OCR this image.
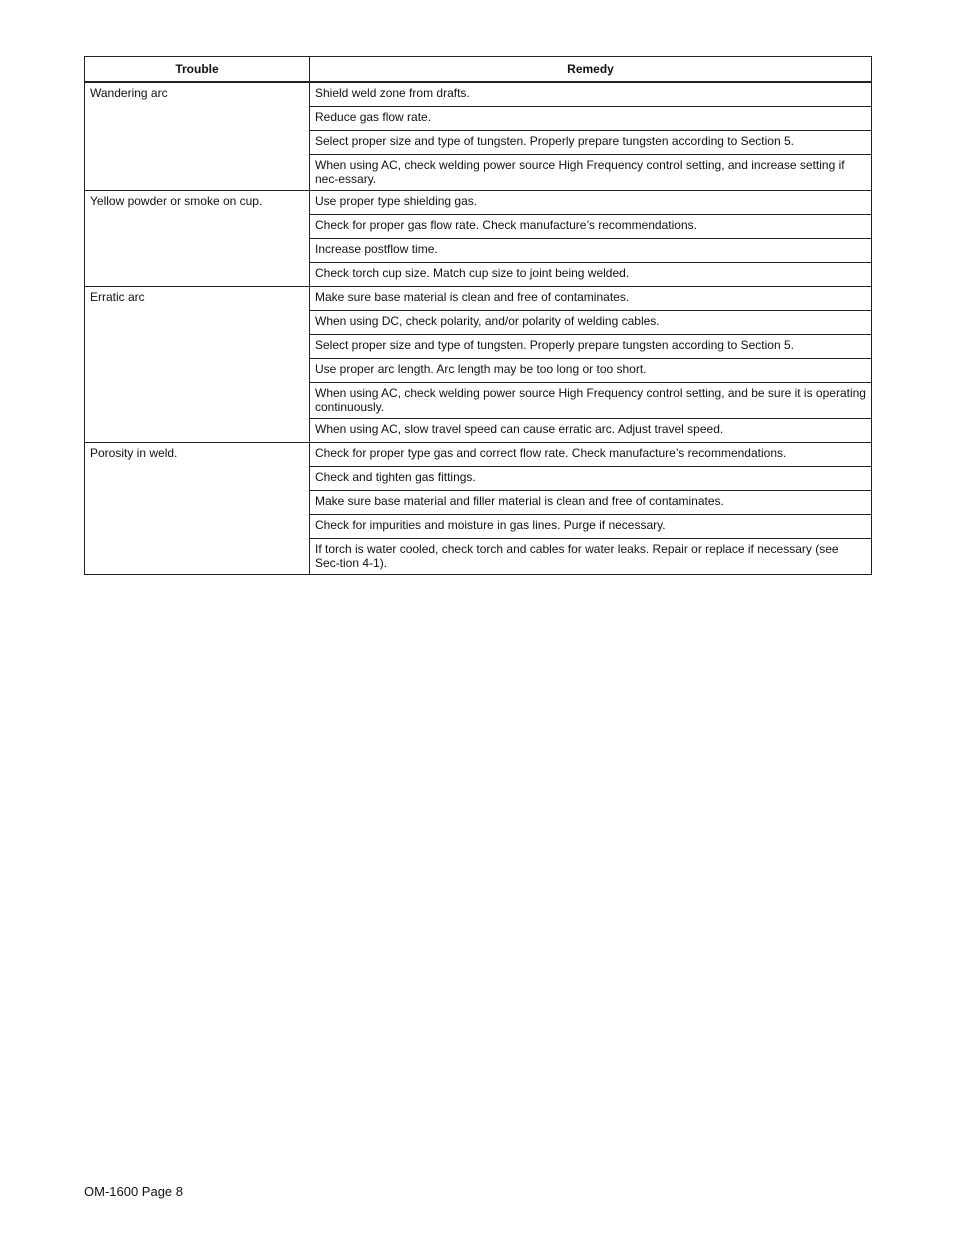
Trouble	Remedy
Wandering arc	Shield weld zone from drafts.
	Reduce gas flow rate.
	Select proper size and type of tungsten. Properly prepare tungsten according to Section 5.
	When using AC, check welding power source High Frequency control setting, and increase setting if nec-essary.
Yellow powder or smoke on cup.	Use proper type shielding gas.
	Check for proper gas flow rate. Check manufacture’s recommendations.
	Increase postflow time.
	Check torch cup size. Match cup size to joint being welded.
Erratic arc	Make sure base material is clean and free of contaminates.
	When using DC, check polarity, and/or polarity of welding cables.
	Select proper size and type of tungsten. Properly prepare tungsten according to Section 5.
	Use proper arc length. Arc length may be too long or too short.
	When using AC, check welding power source High Frequency control setting, and be sure it is operating continuously.
	When using AC, slow travel speed can cause erratic arc. Adjust travel speed.
Porosity in weld.	Check for proper type gas and correct flow rate. Check manufacture’s recommendations.
	Check and tighten gas fittings.
	Make sure base material and filler material is clean and free of contaminates.
	Check for impurities and moisture in gas lines. Purge if necessary.
	If torch is water cooled, check torch and cables for water leaks. Repair or replace if necessary (see Sec-tion 4-1).
OM-1600 Page 8
